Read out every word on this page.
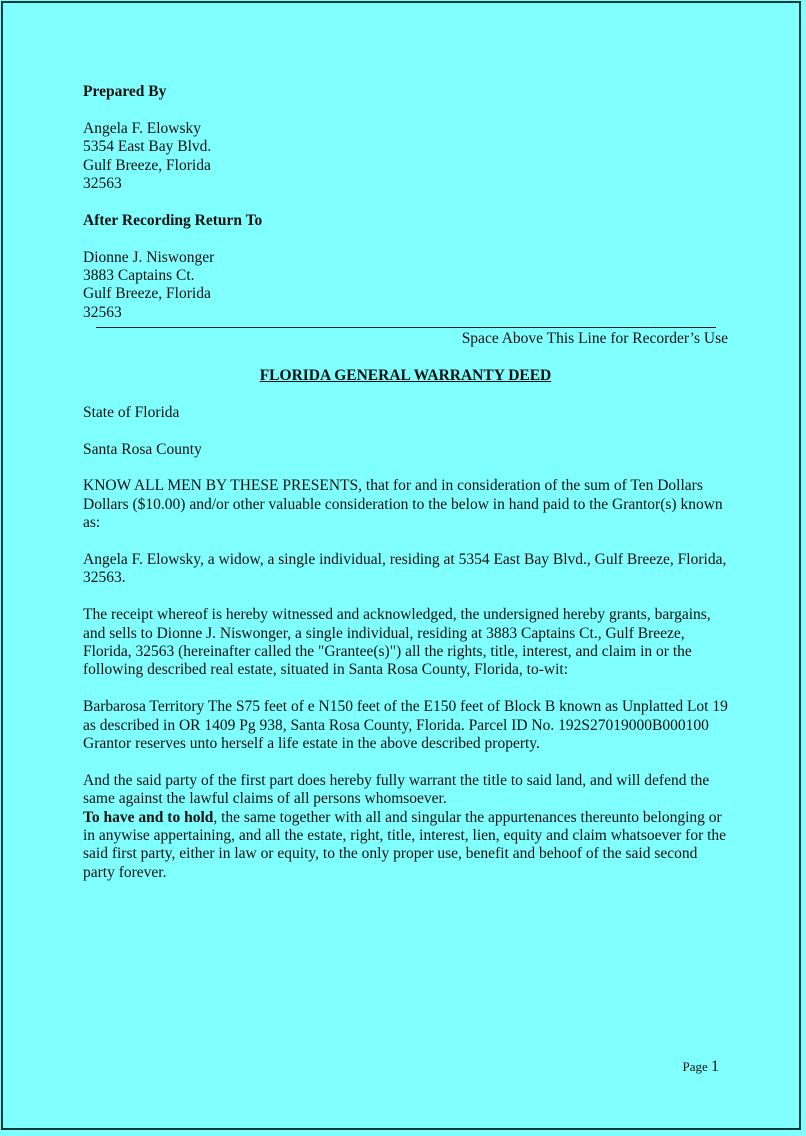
Prepared By
Angela F. Elowsky
5354 East Bay Blvd.
Gulf Breeze, Florida
32563
After Recording Return To
Dionne J. Niswonger
3883 Captains Ct.
Gulf Breeze, Florida
32563
Space Above This Line for Recorder’s Use
FLORIDA GENERAL WARRANTY DEED
State of Florida
Santa Rosa County
KNOW ALL MEN BY THESE PRESENTS, that for and in consideration of the sum of Ten Dollars Dollars ($10.00) and/or other valuable consideration to the below in hand paid to the Grantor(s) known as:
Angela F. Elowsky, a widow, a single individual, residing at 5354 East Bay Blvd., Gulf Breeze, Florida, 32563.
The receipt whereof is hereby witnessed and acknowledged, the undersigned hereby grants, bargains, and sells to Dionne J. Niswonger, a single individual, residing at 3883 Captains Ct., Gulf Breeze, Florida, 32563 (hereinafter called the "Grantee(s)") all the rights, title, interest, and claim in or the following described real estate, situated in Santa Rosa County, Florida, to-wit:
Barbarosa Territory The S75 feet of e N150 feet of the E150 feet of Block B known as Unplatted Lot 19 as described in OR 1409 Pg 938, Santa Rosa County, Florida. Parcel ID No. 192S27019000B000100 Grantor reserves unto herself a life estate in the above described property.
And the said party of the first part does hereby fully warrant the title to said land, and will defend the same against the lawful claims of all persons whomsoever.
To have and to hold, the same together with all and singular the appurtenances thereunto belonging or in anywise appertaining, and all the estate, right, title, interest, lien, equity and claim whatsoever for the said first party, either in law or equity, to the only proper use, benefit and behoof of the said second party forever.
Page 1
